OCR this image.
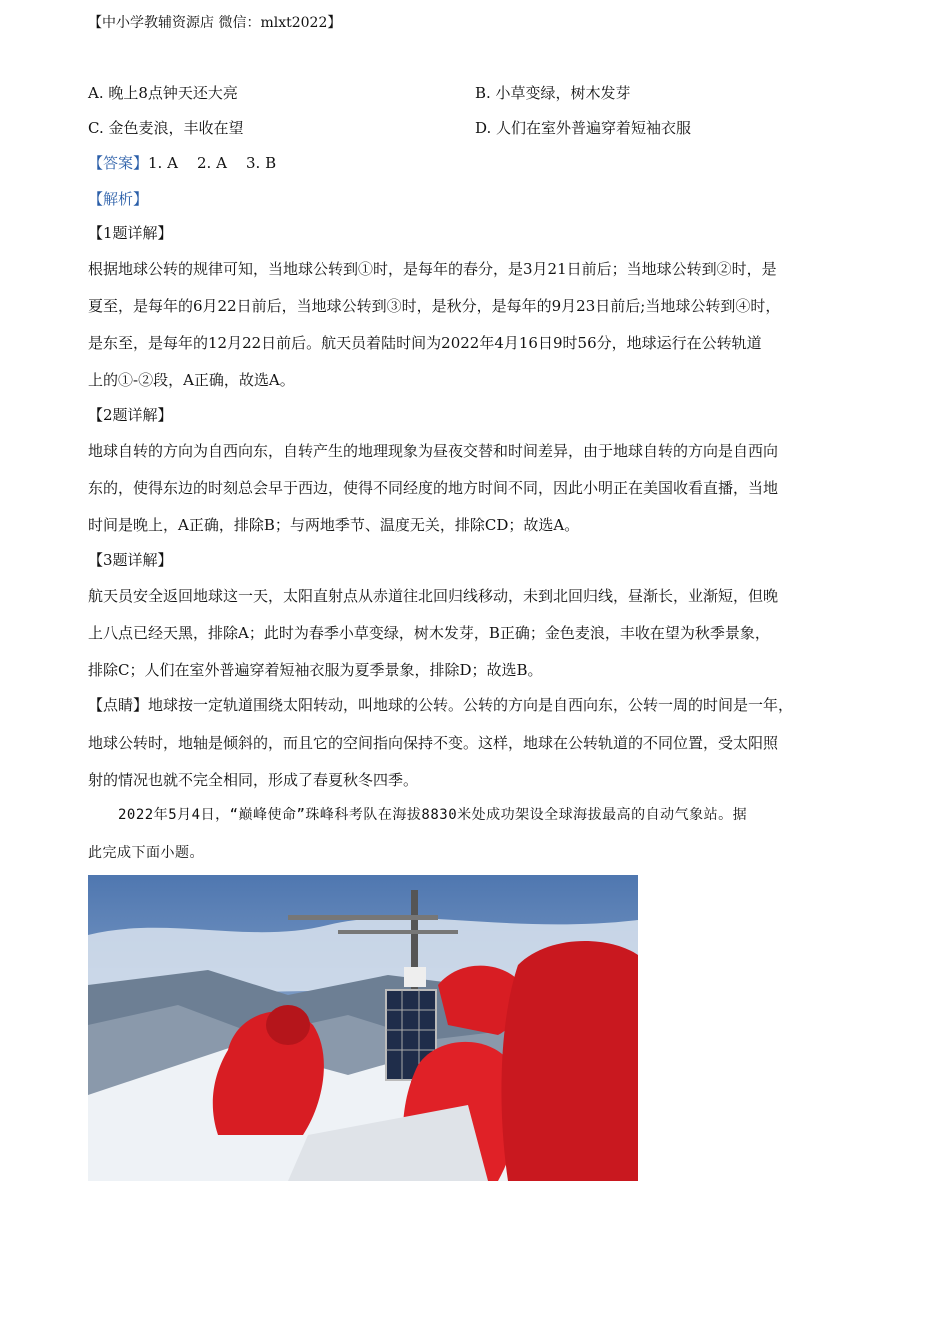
【中小学教辅资源店 微信：mlxt2022】
A. 晚上8点钟天还大亮	B. 小草变绿，树木发芽
C. 金色麦浪，丰收在望	D. 人们在室外普遍穿着短袖衣服
【答案】1. A    2. A    3. B
【解析】
【1题详解】
根据地球公转的规律可知，当地球公转到①时，是每年的春分，是3月21日前后；当地球公转到②时，是
夏至，是每年的6月22日前后，当地球公转到③时，是秋分，是每年的9月23日前后;当地球公转到④时，
是东至，是每年的12月22日前后。航天员着陆时间为2022年4月16日9时56分，地球运行在公转轨道
上的①-②段，A正确，故选A。
【2题详解】
地球自转的方向为自西向东，自转产生的地理现象为昼夜交替和时间差异，由于地球自转的方向是自西向
东的，使得东边的时刻总会早于西边，使得不同经度的地方时间不同，因此小明正在美国收看直播，当地
时间是晚上，A正确，排除B；与两地季节、温度无关，排除CD；故选A。
【3题详解】
航天员安全返回地球这一天，太阳直射点从赤道往北回归线移动，未到北回归线，昼渐长，业渐短，但晚
上八点已经天黑，排除A；此时为春季小草变绿，树木发芽，B正确；金色麦浪，丰收在望为秋季景象，
排除C；人们在室外普遍穿着短袖衣服为夏季景象，排除D；故选B。
【点睛】地球按一定轨道围绕太阳转动，叫地球的公转。公转的方向是自西向东，公转一周的时间是一年，
地球公转时，地轴是倾斜的，而且它的空间指向保持不变。这样，地球在公转轨道的不同位置，受太阳照
射的情况也就不完全相同，形成了春夏秋冬四季。
2022年5月4日，“巅峰使命”珠峰科考队在海拔8830米处成功架设全球海拔最高的自动气象站。据
此完成下面小题。
